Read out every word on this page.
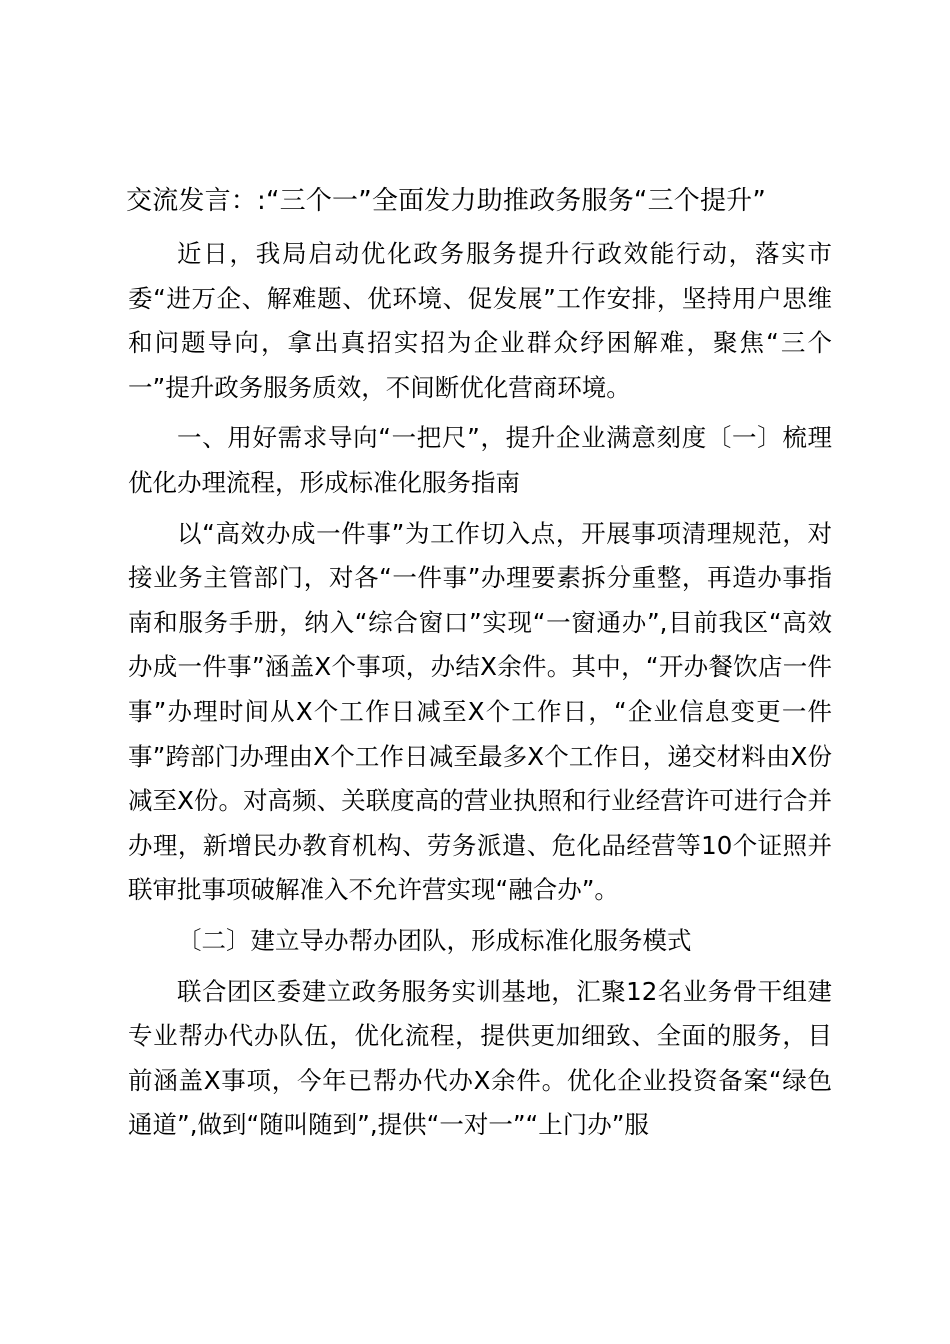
交流发言：:“三个一”全面发力助推政务服务“三个提升”

近日，我局启动优化政务服务提升行政效能行动，落实市委“进万企、解难题、优环境、促发展”工作安排，坚持用户思维和问题导向，拿出真招实招为企业群众纾困解难，聚焦“三个一”提升政务服务质效，不间断优化营商环境。

一、用好需求导向“一把尺”，提升企业满意刻度〔一〕梳理优化办理流程，形成标准化服务指南

以“高效办成一件事”为工作切入点，开展事项清理规范，对接业务主管部门，对各“一件事”办理要素拆分重整，再造办事指南和服务手册，纳入“综合窗口”实现“一窗通办”,目前我区“高效办成一件事”涵盖X个事项，办结X余件。其中，“开办餐饮店一件事”办理时间从X个工作日减至X个工作日，“企业信息变更一件事”跨部门办理由X个工作日减至最多X个工作日，递交材料由X份减至X份。对高频、关联度高的营业执照和行业经营许可进行合并办理，新增民办教育机构、劳务派遣、危化品经营等10个证照并联审批事项破解准入不允许营实现“融合办”。

〔二〕建立导办帮办团队，形成标准化服务模式

联合团区委建立政务服务实训基地，汇聚12名业务骨干组建专业帮办代办队伍，优化流程，提供更加细致、全面的服务，目前涵盖X事项，今年已帮办代办X余件。优化企业投资备案“绿色通道”,做到“随叫随到”,提供“一对一”“上门办”服
